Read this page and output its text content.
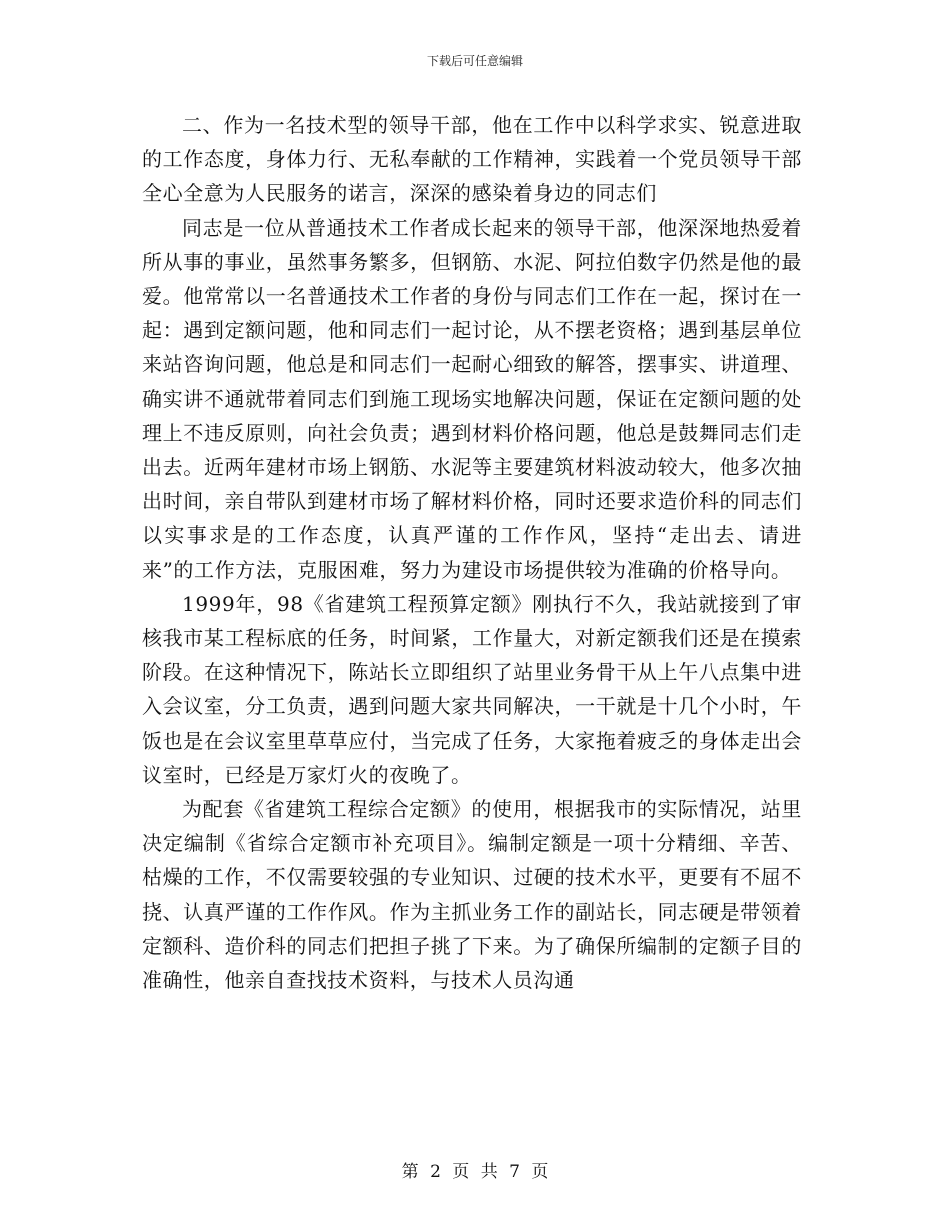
下载后可任意编辑

二、作为一名技术型的领导干部，他在工作中以科学求实、锐意进取的工作态度，身体力行、无私奉献的工作精神，实践着一个党员领导干部全心全意为人民服务的诺言，深深的感染着身边的同志们

同志是一位从普通技术工作者成长起来的领导干部，他深深地热爱着所从事的事业，虽然事务繁多，但钢筋、水泥、阿拉伯数字仍然是他的最爱。他常常以一名普通技术工作者的身份与同志们工作在一起，探讨在一起：遇到定额问题，他和同志们一起讨论，从不摆老资格；遇到基层单位来站咨询问题，他总是和同志们一起耐心细致的解答，摆事实、讲道理、确实讲不通就带着同志们到施工现场实地解决问题，保证在定额问题的处理上不违反原则，向社会负责；遇到材料价格问题，他总是鼓舞同志们走出去。近两年建材市场上钢筋、水泥等主要建筑材料波动较大，他多次抽出时间，亲自带队到建材市场了解材料价格，同时还要求造价科的同志们以实事求是的工作态度，认真严谨的工作作风，坚持“走出去、请进来”的工作方法，克服困难，努力为建设市场提供较为准确的价格导向。

1999年，98《省建筑工程预算定额》刚执行不久，我站就接到了审核我市某工程标底的任务，时间紧，工作量大，对新定额我们还是在摸索阶段。在这种情况下，陈站长立即组织了站里业务骨干从上午八点集中进入会议室，分工负责，遇到问题大家共同解决，一干就是十几个小时，午饭也是在会议室里草草应付，当完成了任务，大家拖着疲乏的身体走出会议室时，已经是万家灯火的夜晚了。

为配套《省建筑工程综合定额》的使用，根据我市的实际情况，站里决定编制《省综合定额市补充项目》。编制定额是一项十分精细、辛苦、枯燥的工作，不仅需要较强的专业知识、过硬的技术水平，更要有不屈不挠、认真严谨的工作作风。作为主抓业务工作的副站长，同志硬是带领着定额科、造价科的同志们把担子挑了下来。为了确保所编制的定额子目的准确性，他亲自查找技术资料，与技术人员沟通

第 2 页 共 7 页
